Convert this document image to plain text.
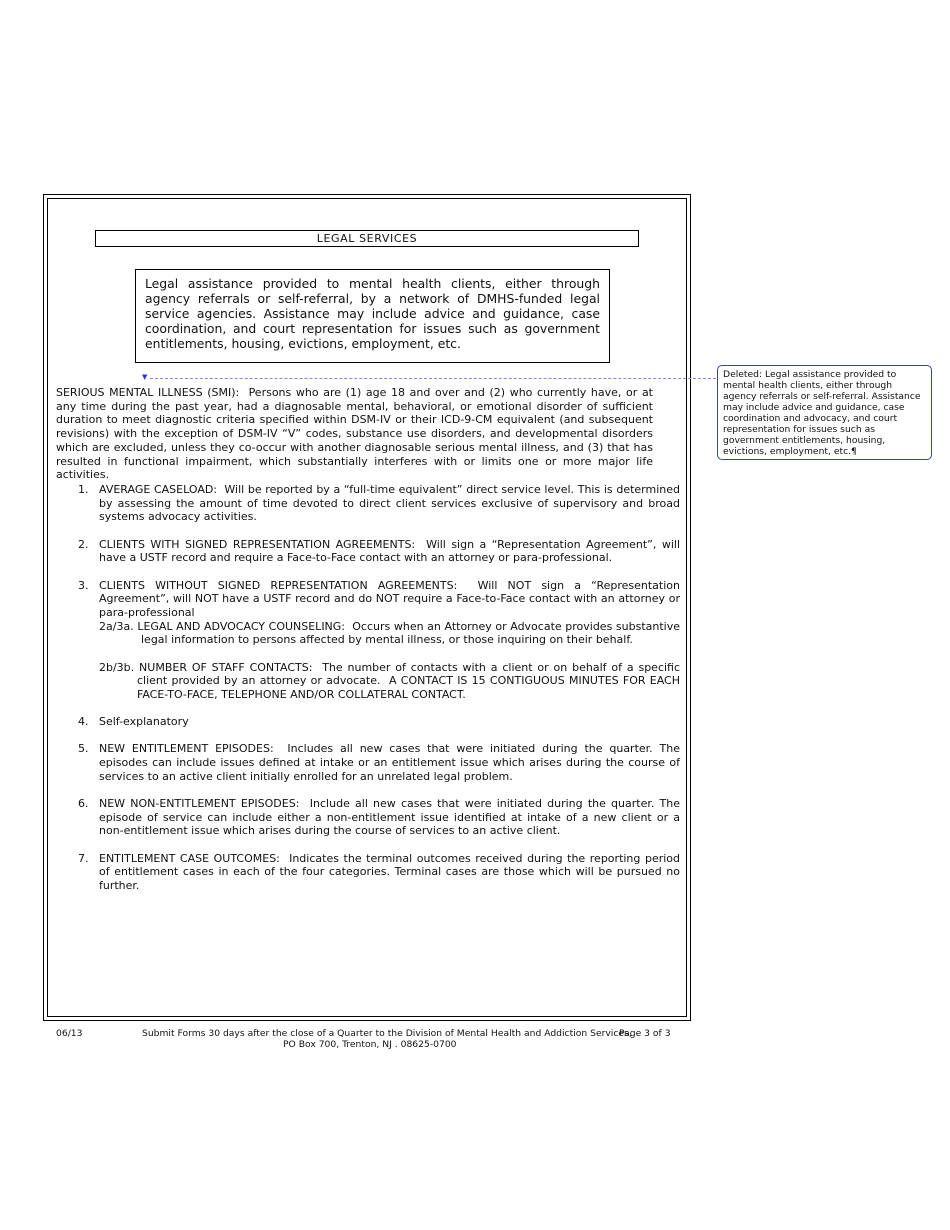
LEGAL SERVICES
Legal assistance provided to mental health clients, either through agency referrals or self-referral, by a network of DMHS-funded legal service agencies. Assistance may include advice and guidance, case coordination, and court representation for issues such as government entitlements, housing, evictions, employment, etc.
▼	Deleted: Legal assistance provided to mental health clients, either through agency referrals or self-referral. Assistance may include advice and guidance, case coordination and advocacy, and court representation for issues such as government entitlements, housing, evictions, employment, etc.¶
SERIOUS MENTAL ILLNESS (SMI): Persons who are (1) age 18 and over and (2) who currently have, or at any time during the past year, had a diagnosable mental, behavioral, or emotional disorder of sufficient duration to meet diagnostic criteria specified within DSM-IV or their ICD-9-CM equivalent (and subsequent revisions) with the exception of DSM-IV “V” codes, substance use disorders, and developmental disorders which are excluded, unless they co-occur with another diagnosable serious mental illness, and (3) that has resulted in functional impairment, which substantially interferes with or limits one or more major life activities.
1. AVERAGE CASELOAD: Will be reported by a “full-time equivalent” direct service level. This is determined by assessing the amount of time devoted to direct client services exclusive of supervisory and broad systems advocacy activities.
2. CLIENTS WITH SIGNED REPRESENTATION AGREEMENTS: Will sign a “Representation Agreement”, will have a USTF record and require a Face-to-Face contact with an attorney or para-professional.
3. CLIENTS WITHOUT SIGNED REPRESENTATION AGREEMENTS: Will NOT sign a “Representation Agreement”, will NOT have a USTF record and do NOT require a Face-to-Face contact with an attorney or para-professional
2a/3a. LEGAL AND ADVOCACY COUNSELING: Occurs when an Attorney or Advocate provides substantive legal information to persons affected by mental illness, or those inquiring on their behalf.
2b/3b. NUMBER OF STAFF CONTACTS: The number of contacts with a client or on behalf of a specific client provided by an attorney or advocate. A CONTACT IS 15 CONTIGUOUS MINUTES FOR EACH FACE-TO-FACE, TELEPHONE AND/OR COLLATERAL CONTACT.
4. Self-explanatory
5. NEW ENTITLEMENT EPISODES: Includes all new cases that were initiated during the quarter. The episodes can include issues defined at intake or an entitlement issue which arises during the course of services to an active client initially enrolled for an unrelated legal problem.
6. NEW NON-ENTITLEMENT EPISODES: Include all new cases that were initiated during the quarter. The episode of service can include either a non-entitlement issue identified at intake of a new client or a non-entitlement issue which arises during the course of services to an active client.
7. ENTITLEMENT CASE OUTCOMES: Indicates the terminal outcomes received during the reporting period of entitlement cases in each of the four categories. Terminal cases are those which will be pursued no further.
06/13	Submit Forms 30 days after the close of a Quarter to the Division of Mental Health and Addiction Services,
Page 3 of 3
PO Box 700, Trenton, NJ . 08625-0700
